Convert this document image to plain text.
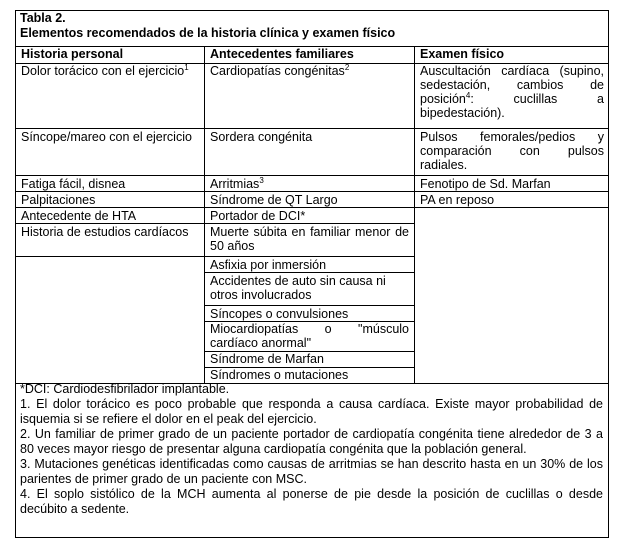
Tabla 2.
Elementos recomendados de la historia clínica y examen físico
Historia personal	Antecedentes familiares	Examen físico
Dolor torácico con el ejercicio$^1$
Síncope/mareo con el ejercicio
Fatiga fácil, disnea
Palpitaciones
Antecedente de HTA
Historia de estudios cardíacos
Cardiopatías congénitas$^2$
Sordera congénita
Arritmias$^3$
Síndrome de QT Largo
Portador de DCI*
Muerte súbita en familiar menor de 50 años
Asfixia por inmersión
Accidentes de auto sin causa ni otros involucrados
Síncopes o convulsiones
Miocardiopatías o "músculo cardíaco anormal"
Síndrome de Marfan
Síndromes o mutaciones
Auscultación cardíaca (supino, sedestación, cambios de posición$^4$: cuclillas a bipedestación).
Pulsos femorales/pedios y comparación con pulsos radiales.
Fenotipo de Sd. Marfan
PA en reposo
*DCI: Cardiodesfibrilador implantable.
1. El dolor torácico es poco probable que responda a causa cardíaca. Existe mayor probabilidad de isquemia si se refiere el dolor en el peak del ejercicio.
2. Un familiar de primer grado de un paciente portador de cardiopatía congénita tiene alrededor de 3 a 80 veces mayor riesgo de presentar alguna cardiopatía congénita que la población general.
3. Mutaciones genéticas identificadas como causas de arritmias se han descrito hasta en un 30% de los parientes de primer grado de un paciente con MSC.
4. El soplo sistólico de la MCH aumenta al ponerse de pie desde la posición de cuclillas o desde decúbito a sedente.
